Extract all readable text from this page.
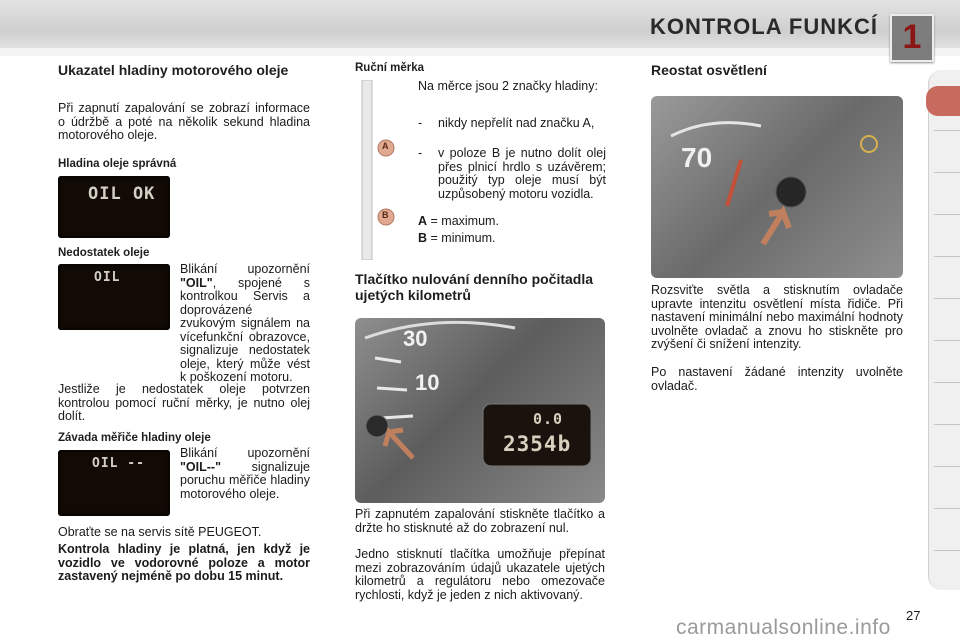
KONTROLA FUNKCÍ 1
Ukazatel hladiny motorového oleje
Při zapnutí zapalování se zobrazí informace o údržbě a poté na několik sekund hladina motorového oleje.
Hladina oleje správná
OIL OK
Nedostatek oleje
OIL
Blikání upozornění "OIL", spojené s kontrolkou Servis a doprovázené zvukovým signálem na vícefunkční obrazovce, signalizuje nedostatek oleje, který může vést k poškození motoru.
Jestliže je nedostatek oleje potvrzen kontrolou pomocí ruční měrky, je nutno olej dolít.
Závada měřiče hladiny oleje
OIL --
Blikání upozornění "OIL--" signalizuje poruchu měřiče hladiny motorového oleje.
Obraťte se na servis sítě PEUGEOT.
Kontrola hladiny je platná, jen když je vozidlo ve vodorovné poloze a motor zastavený nejméně po dobu 15 minut.
Ruční měrka
A
B
Na měrce jsou 2 značky hladiny:
- nikdy nepřelít nad značku A,
- v poloze B je nutno dolít olej přes plnicí hrdlo s uzávěrem; použitý typ oleje musí být uzpůsobený motoru vozidla.
A = maximum.
B = minimum.
Tlačítko nulování denního počitadla ujetých kilometrů
30
10
0.0
2354b
Při zapnutém zapalování stiskněte tlačítko a držte ho stisknuté až do zobrazení nul.
Jedno stisknutí tlačítka umožňuje přepínat mezi zobrazováním údajů ukazatele ujetých kilometrů a regulátoru nebo omezovače rychlosti, když je jeden z nich aktivovaný.
Reostat osvětlení
70
Rozsviťte světla a stisknutím ovladače upravte intenzitu osvětlení místa řidiče. Při nastavení minimální nebo maximální hodnoty uvolněte ovladač a znovu ho stiskněte pro zvýšení či snížení intenzity.
Po nastavení žádané intenzity uvolněte ovladač.
27
carmanualsonline.info
